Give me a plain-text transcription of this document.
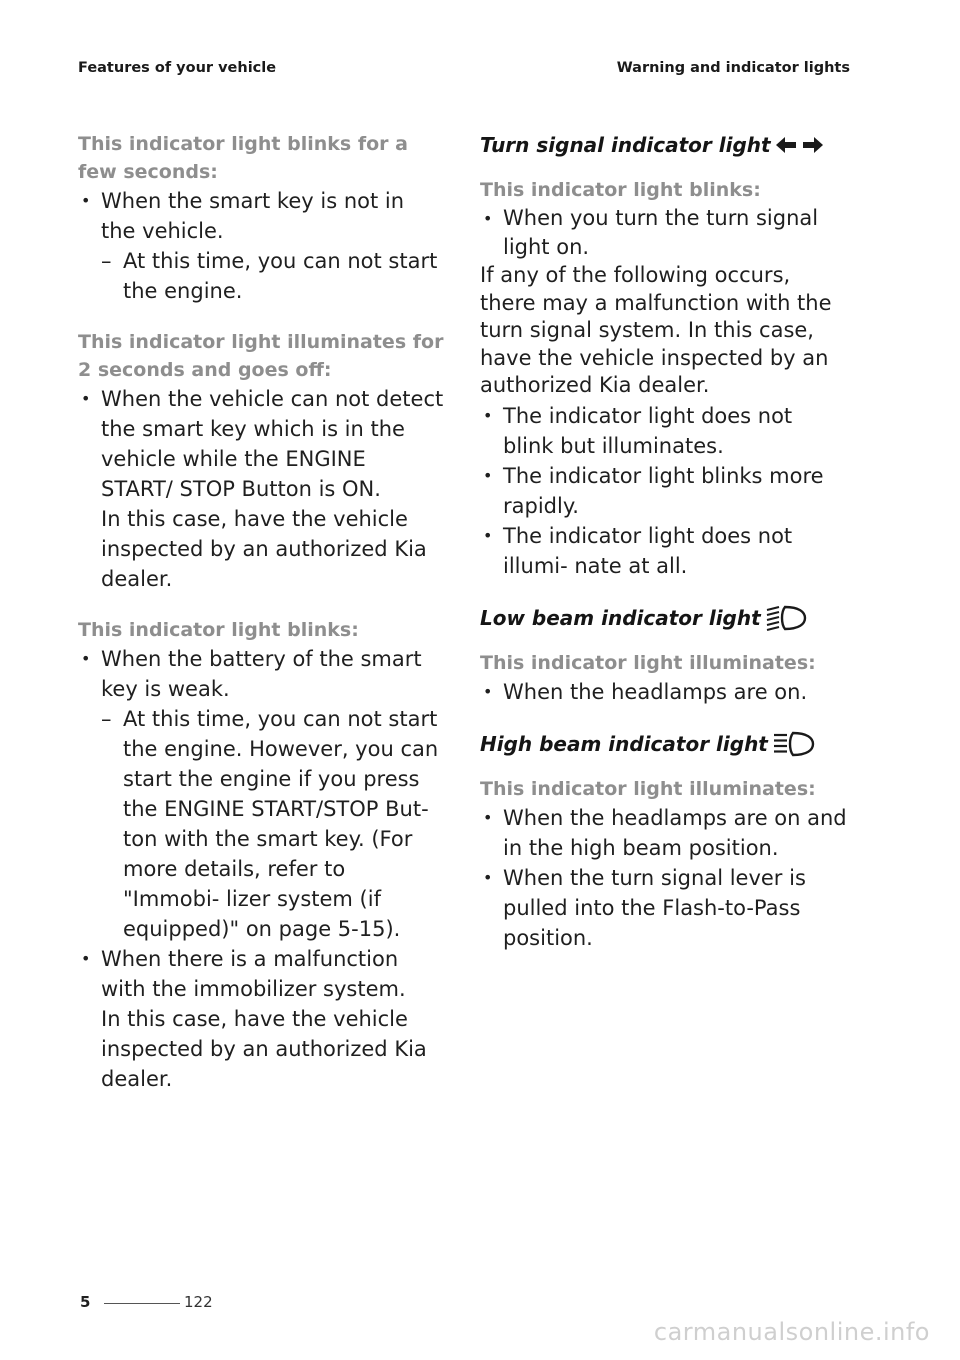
Features of your vehicle	Warning and indicator lights

This indicator light blinks for a few seconds:

• When the smart key is not in the vehicle.
– At this time, you can not start the engine.

This indicator light illuminates for 2 seconds and goes off:

• When the vehicle can not detect the smart key which is in the vehicle while the ENGINE START/ STOP Button is ON.
In this case, have the vehicle inspected by an authorized Kia dealer.

This indicator light blinks:

• When the battery of the smart key is weak.
– At this time, you can not start the engine. However, you can start the engine if you press the ENGINE START/STOP But- ton with the smart key. (For more details, refer to "Immobi- lizer system (if equipped)" on page 5-15).
• When there is a malfunction with the immobilizer system.
In this case, have the vehicle inspected by an authorized Kia dealer.

Turn signal indicator light

This indicator light blinks:

• When you turn the turn signal light on.

If any of the following occurs, there may a malfunction with the turn signal system. In this case, have the vehicle inspected by an authorized Kia dealer.

• The indicator light does not blink but illuminates.
• The indicator light blinks more rapidly.
• The indicator light does not illumi- nate at all.

Low beam indicator light

This indicator light illuminates:

• When the headlamps are on.

High beam indicator light

This indicator light illuminates:

• When the headlamps are on and in the high beam position.
• When the turn signal lever is pulled into the Flash-to-Pass position.
5	122
carmanualsonline.info
